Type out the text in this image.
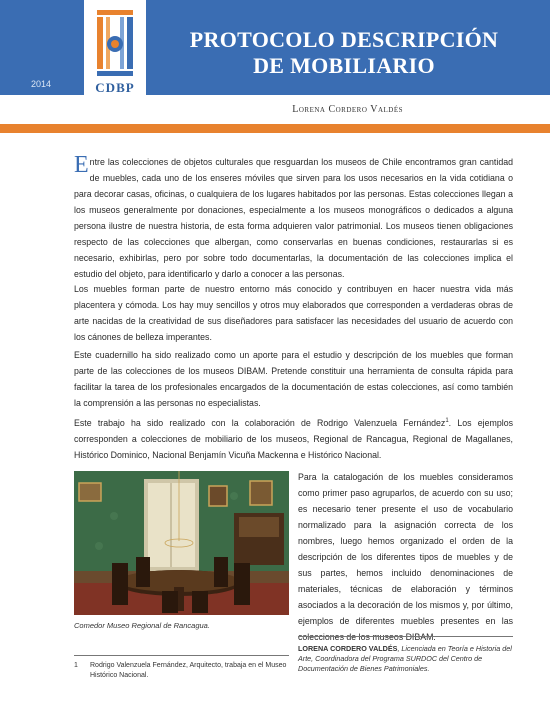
2014
PROTOCOLO DESCRIPCIÓN
DE MOBILIARIO
CDBP
Lorena Cordero Valdés
Entre las colecciones de objetos culturales que resguardan los museos de Chile encontramos gran cantidad de muebles, cada uno de los enseres móviles que sirven para los usos necesarios en la vida cotidiana o para decorar casas, oficinas, o cualquiera de los lugares habitados por las personas. Estas colecciones llegan a los museos generalmente por donaciones, especialmente a los museos monográficos o dedicados a alguna persona ilustre de nuestra historia, de esta forma adquieren valor patrimonial. Los museos tienen obligaciones respecto de las colecciones que albergan, como conservarlas en buenas condiciones, restaurarlas si es necesario, exhibirlas, pero por sobre todo documentarlas, la documentación de las colecciones implica el estudio del objeto, para identificarlo y darlo a conocer a las personas.
Los muebles forman parte de nuestro entorno más conocido y contribuyen en hacer nuestra vida más placentera y cómoda. Los hay muy sencillos y otros muy elaborados que corresponden a verdaderas obras de arte nacidas de la creatividad de sus diseñadores para satisfacer las necesidades del usuario de acuerdo con los cánones de belleza imperantes.
Este cuadernillo ha sido realizado como un aporte para el estudio y descripción de los muebles que forman parte de las colecciones de los museos DIBAM. Pretende constituir una herramienta de consulta rápida para facilitar la tarea de los profesionales encargados de la documentación de estas colecciones, así como también la comprensión a las personas no especialistas.
Este trabajo ha sido realizado con la colaboración de Rodrigo Valenzuela Fernández$^1$. Los ejemplos corresponden a colecciones de mobiliario de los museos, Regional de Rancagua, Regional de Magallanes, Histórico Dominico, Nacional Benjamín Vicuña Mackenna e Histórico Nacional.
Comedor Museo Regional de Rancagua.
Para la catalogación de los muebles consideramos como primer paso agruparlos, de acuerdo con su uso; es necesario tener presente el uso de vocabulario normalizado para la asignación correcta de los nombres, luego hemos organizado el orden de la descripción de los diferentes tipos de muebles y de sus partes, hemos incluido denominaciones de materiales, técnicas de elaboración y términos asociados a la decoración de los mismos y, por último, ejemplos de diferentes muebles presentes en las colecciones de los museos DIBAM.
1	Rodrigo Valenzuela Fernández, Arquitecto, trabaja en el Museo Histórico Nacional.
LORENA CORDERO VALDÉS, Licenciada en Teoría e Historia del Arte, Coordinadora del Programa SURDOC del Centro de Documentación de Bienes Patrimoniales.
